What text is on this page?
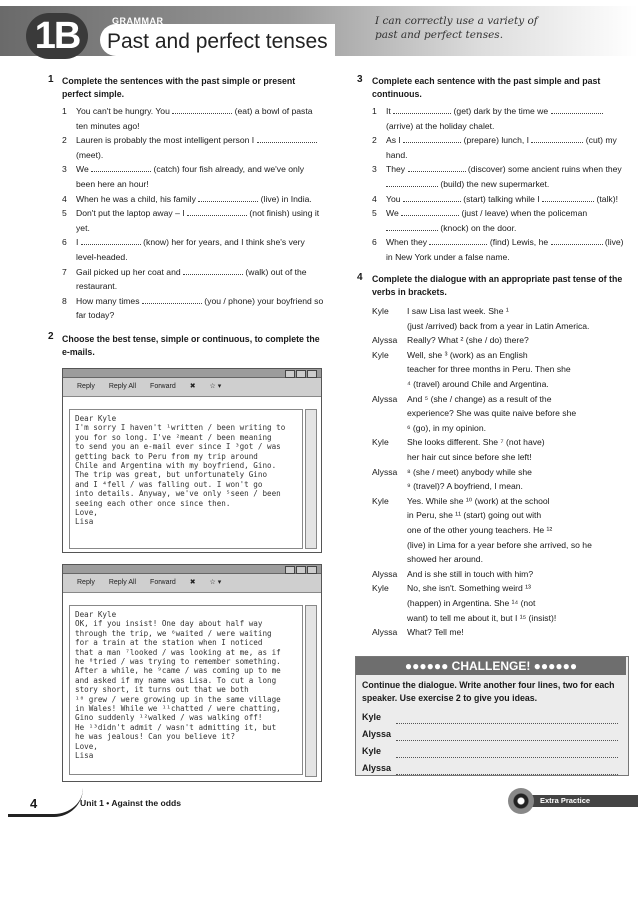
1B	GRAMMAR
Past and perfect tenses
I can correctly use a variety of past and perfect tenses.
1 Complete the sentences with the past simple or present perfect simple.
1 You can't be hungry. You	(eat) a bowl of pasta ten minutes ago!
2 Lauren is probably the most intelligent person I  (meet).
3 We	(catch) four fish already, and we've only been here an hour!
4 When he was a child, his family	(live) in India.
5 Don't put the laptop away – I	(not finish) using it yet.
6 I	(know) her for years, and I think she's very level-headed.
7 Gail picked up her coat and	(walk) out of the restaurant.
8 How many times	(you / phone) your boyfriend so far today?
2 Choose the best tense, simple or continuous, to complete the e-mails.
Reply Reply All Forward ✖ ☆ ▾
Dear Kyle
I'm sorry I haven't ¹written / been writing to
you for so long. I've ²meant / been meaning
to send you an e-mail ever since I ³got / was
getting back to Peru from my trip around
Chile and Argentina with my boyfriend, Gino.
The trip was great, but unfortunately Gino
and I ⁴fell / was falling out. I won't go
into details. Anyway, we've only ⁵seen / been
seeing each other once since then.
Love,
Lisa
Reply Reply All Forward ✖ ☆ ▾
Dear Kyle
OK, if you insist! One day about half way
through the trip, we ⁶waited / were waiting
for a train at the station when I noticed
that a man ⁷looked / was looking at me, as if
he ⁸tried / was trying to remember something.
After a while, he ⁹came / was coming up to me
and asked if my name was Lisa. To cut a long
story short, it turns out that we both
¹⁰ grew / were growing up in the same village
in Wales! While we ¹¹chatted / were chatting,
Gino suddenly ¹²walked / was walking off!
He ¹³didn't admit / wasn't admitting it, but
he was jealous! Can you believe it?
Love,
Lisa
3 Complete each sentence with the past simple and past continuous.
1 It	(get) dark by the time we  (arrive) at the holiday chalet.
2 As I	(prepare) lunch, I	(cut) my hand.
3 They	(discover) some ancient ruins when they  (build) the new supermarket.
4 You	(start) talking while I	(talk)!
5 We	(just / leave) when the policeman  (knock) on the door.
6 When they	(find) Lewis, he	(live) in New York under a false name.
4 Complete the dialogue with an appropriate past tense of the verbs in brackets.
Kyle	I saw Lisa last week. She ¹
(just /arrived) back from a year in Latin America.
Alyssa	Really? What ² (she / do) there?
Kyle	Well, she ³ (work) as an English
teacher for three months in Peru. Then she
⁴ (travel) around Chile and Argentina.
Alyssa	And ⁵ (she / change) as a result of the
experience? She was quite naive before she
⁶ (go), in my opinion.
Kyle	She looks different. She ⁷ (not have)
her hair cut since before she left!
Alyssa	⁸ (she / meet) anybody while she
⁹ (travel)? A boyfriend, I mean.
Kyle	Yes. While she ¹⁰ (work) at the school
in Peru, she ¹¹ (start) going out with
one of the other young teachers. He ¹²
(live) in Lima for a year before she arrived, so he
showed her around.
Alyssa	And is she still in touch with him?
Kyle	No, she isn't. Something weird ¹³
(happen) in Argentina. She ¹⁴ (not
want) to tell me about it, but I ¹⁵ (insist)!
Alyssa	What? Tell me!
●●●●●● CHALLENGE! ●●●●●●
Continue the dialogue. Write another four lines, two for each speaker. Use exercise 2 to give you ideas.
Kyle
Alyssa
Kyle
Alyssa
4	Unit 1 • Against the odds	Extra Practice
